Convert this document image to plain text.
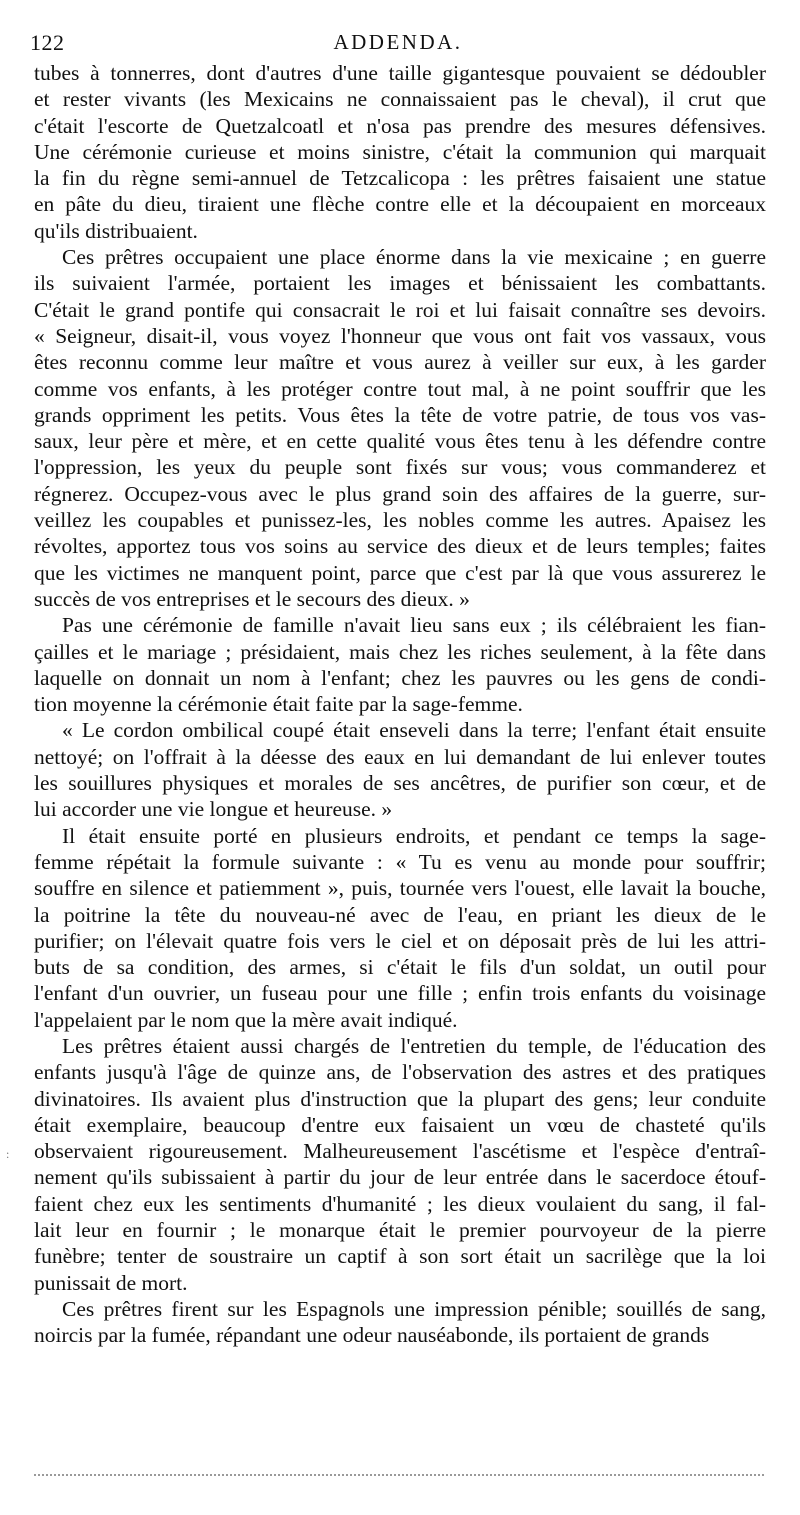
122	ADDENDA.
tubes à tonnerres, dont d'autres d'une taille gigantesque pouvaient se dédoubler
et rester vivants (les Mexicains ne connaissaient pas le cheval), il crut que
c'était l'escorte de Quetzalcoatl et n'osa pas prendre des mesures défensives.
Une cérémonie curieuse et moins sinistre, c'était la communion qui marquait
la fin du règne semi-annuel de Tetzcalicopa : les prêtres faisaient une statue
en pâte du dieu, tiraient une flèche contre elle et la découpaient en morceaux
qu'ils distribuaient.
Ces prêtres occupaient une place énorme dans la vie mexicaine ; en guerre
ils suivaient l'armée, portaient les images et bénissaient les combattants.
C'était le grand pontife qui consacrait le roi et lui faisait connaître ses devoirs.
« Seigneur, disait-il, vous voyez l'honneur que vous ont fait vos vassaux, vous
êtes reconnu comme leur maître et vous aurez à veiller sur eux, à les garder
comme vos enfants, à les protéger contre tout mal, à ne point souffrir que les
grands oppriment les petits. Vous êtes la tête de votre patrie, de tous vos vas-
saux, leur père et mère, et en cette qualité vous êtes tenu à les défendre contre
l'oppression, les yeux du peuple sont fixés sur vous; vous commanderez et
régnerez. Occupez-vous avec le plus grand soin des affaires de la guerre, sur-
veillez les coupables et punissez-les, les nobles comme les autres. Apaisez les
révoltes, apportez tous vos soins au service des dieux et de leurs temples; faites
que les victimes ne manquent point, parce que c'est par là que vous assurerez le
succès de vos entreprises et le secours des dieux. »
Pas une cérémonie de famille n'avait lieu sans eux ; ils célébraient les fian-
çailles et le mariage ; présidaient, mais chez les riches seulement, à la fête dans
laquelle on donnait un nom à l'enfant; chez les pauvres ou les gens de condi-
tion moyenne la cérémonie était faite par la sage-femme.
« Le cordon ombilical coupé était enseveli dans la terre; l'enfant était ensuite
nettoyé; on l'offrait à la déesse des eaux en lui demandant de lui enlever toutes
les souillures physiques et morales de ses ancêtres, de purifier son cœur, et de
lui accorder une vie longue et heureuse. »
Il était ensuite porté en plusieurs endroits, et pendant ce temps la sage-
femme répétait la formule suivante : « Tu es venu au monde pour souffrir;
souffre en silence et patiemment », puis, tournée vers l'ouest, elle lavait la bouche,
la poitrine la tête du nouveau-né avec de l'eau, en priant les dieux de le
purifier; on l'élevait quatre fois vers le ciel et on déposait près de lui les attri-
buts de sa condition, des armes, si c'était le fils d'un soldat, un outil pour
l'enfant d'un ouvrier, un fuseau pour une fille ; enfin trois enfants du voisinage
l'appelaient par le nom que la mère avait indiqué.
Les prêtres étaient aussi chargés de l'entretien du temple, de l'éducation des
enfants jusqu'à l'âge de quinze ans, de l'observation des astres et des pratiques
divinatoires. Ils avaient plus d'instruction que la plupart des gens; leur conduite
était exemplaire, beaucoup d'entre eux faisaient un vœu de chasteté qu'ils
observaient rigoureusement. Malheureusement l'ascétisme et l'espèce d'entraî-
nement qu'ils subissaient à partir du jour de leur entrée dans le sacerdoce étouf-
faient chez eux les sentiments d'humanité ; les dieux voulaient du sang, il fal-
lait leur en fournir ; le monarque était le premier pourvoyeur de la pierre
funèbre; tenter de soustraire un captif à son sort était un sacrilège que la loi
punissait de mort.
Ces prêtres firent sur les Espagnols une impression pénible; souillés de sang,
noircis par la fumée, répandant une odeur nauséabonde, ils portaient de grands
:
